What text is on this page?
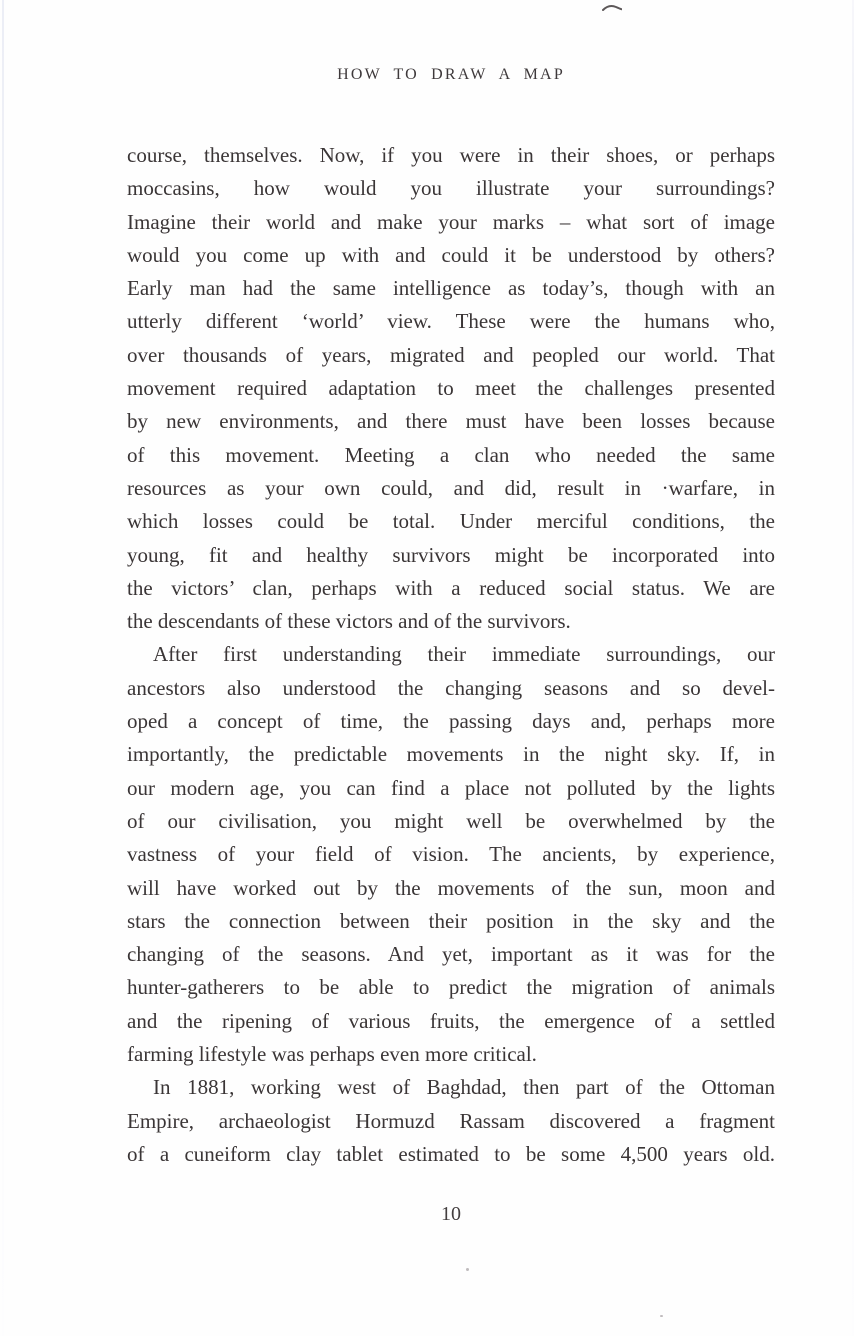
HOW TO DRAW A MAP
course, themselves. Now, if you were in their shoes, or perhaps
moccasins, how would you illustrate your surroundings?
Imagine their world and make your marks – what sort of image
would you come up with and could it be understood by others?
Early man had the same intelligence as today’s, though with an
utterly different ‘world’ view. These were the humans who,
over thousands of years, migrated and peopled our world. That
movement required adaptation to meet the challenges presented
by new environments, and there must have been losses because
of this movement. Meeting a clan who needed the same
resources as your own could, and did, result in ·warfare, in
which losses could be total. Under merciful conditions, the
young, fit and healthy survivors might be incorporated into
the victors’ clan, perhaps with a reduced social status. We are
the descendants of these victors and of the survivors.
After first understanding their immediate surroundings, our
ancestors also understood the changing seasons and so devel-
oped a concept of time, the passing days and, perhaps more
importantly, the predictable movements in the night sky. If, in
our modern age, you can find a place not polluted by the lights
of our civilisation, you might well be overwhelmed by the
vastness of your field of vision. The ancients, by experience,
will have worked out by the movements of the sun, moon and
stars the connection between their position in the sky and the
changing of the seasons. And yet, important as it was for the
hunter-gatherers to be able to predict the migration of animals
and the ripening of various fruits, the emergence of a settled
farming lifestyle was perhaps even more critical.
In 1881, working west of Baghdad, then part of the Ottoman
Empire, archaeologist Hormuzd Rassam discovered a fragment
of a cuneiform clay tablet estimated to be some 4,500 years old.
10
